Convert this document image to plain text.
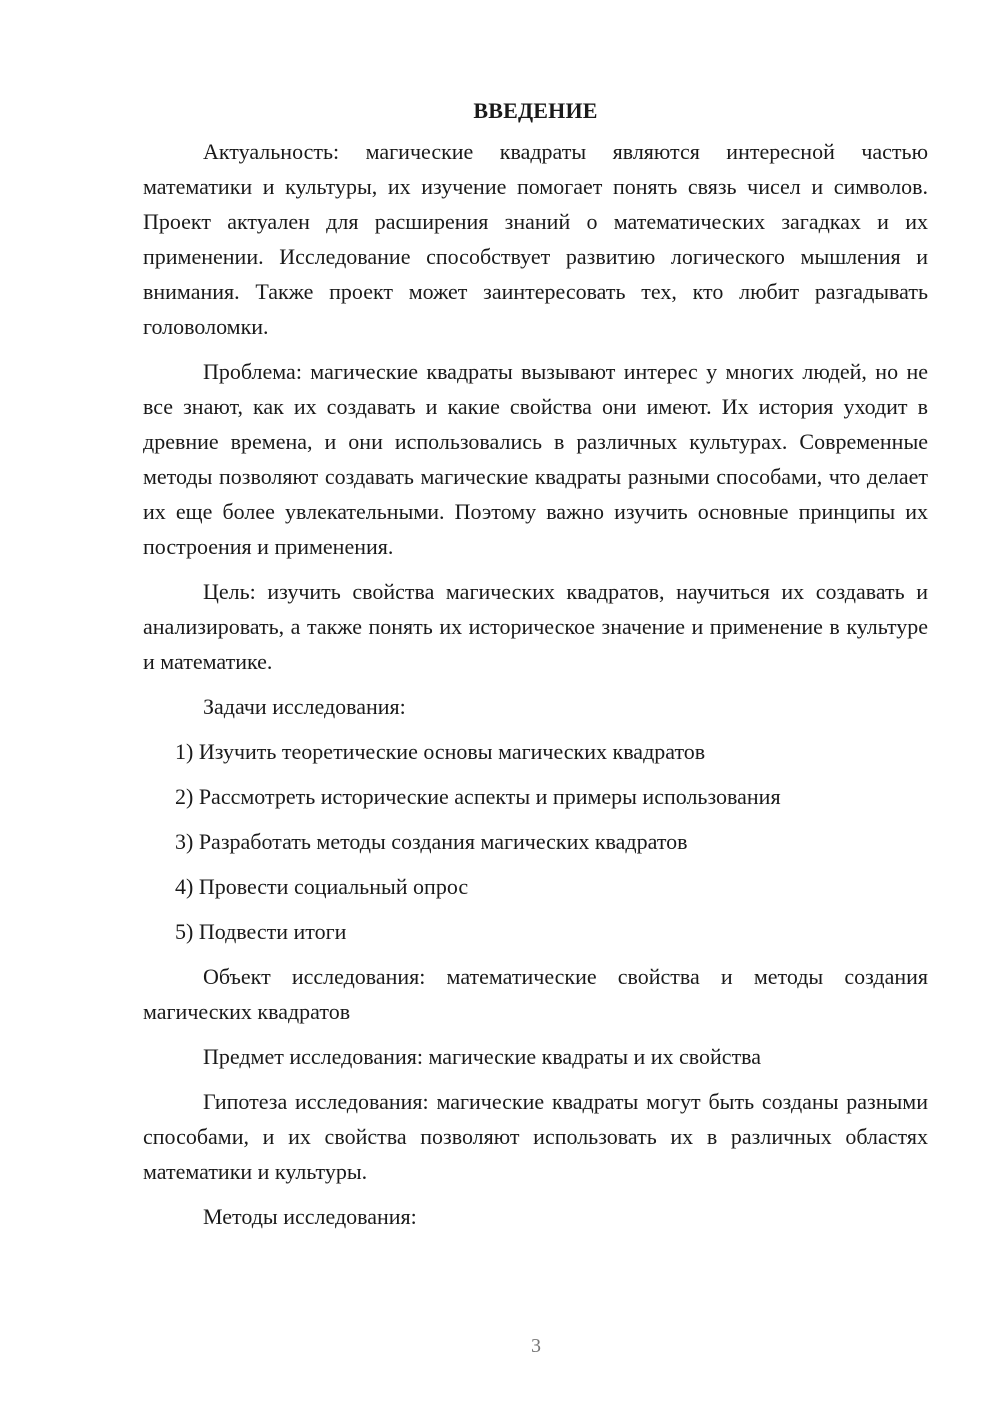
ВВЕДЕНИЕ

Актуальность: магические квадраты являются интересной частью математики и культуры, их изучение помогает понять связь чисел и символов. Проект актуален для расширения знаний о математических загадках и их применении. Исследование способствует развитию логического мышления и внимания. Также проект может заинтересовать тех, кто любит разгадывать головоломки.

Проблема: магические квадраты вызывают интерес у многих людей, но не все знают, как их создавать и какие свойства они имеют. Их история уходит в древние времена, и они использовались в различных культурах. Современные методы позволяют создавать магические квадраты разными способами, что делает их еще более увлекательными. Поэтому важно изучить основные принципы их построения и применения.

Цель: изучить свойства магических квадратов, научиться их создавать и анализировать, а также понять их историческое значение и применение в культуре и математике.

Задачи исследования:

1) Изучить теоретические основы магических квадратов
2) Рассмотреть исторические аспекты и примеры использования
3) Разработать методы создания магических квадратов
4) Провести социальный опрос
5) Подвести итоги

Объект исследования: математические свойства и методы создания магических квадратов

Предмет исследования: магические квадраты и их свойства

Гипотеза исследования: магические квадраты могут быть созданы разными способами, и их свойства позволяют использовать их в различных областях математики и культуры.

Методы исследования:

3
